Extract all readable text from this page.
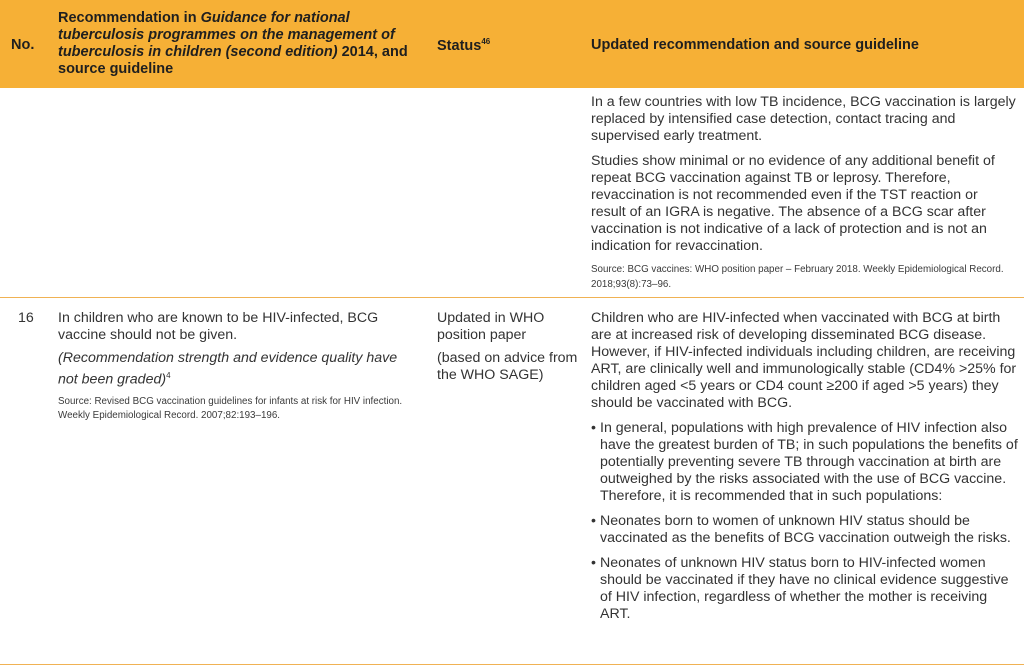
No.
Recommendation in Guidance for national tuberculosis programmes on the management of tuberculosis in children (second edition) 2014, and source guideline
Status$^{46}$	Updated recommendation and source guideline

In a few countries with low TB incidence, BCG vaccination is largely replaced by intensified case detection, contact tracing and supervised early treatment.

Studies show minimal or no evidence of any additional benefit of repeat BCG vaccination against TB or leprosy. Therefore, revaccination is not recommended even if the TST reaction or result of an IGRA is negative. The absence of a BCG scar after vaccination is not indicative of a lack of protection and is not an indication for revaccination.

Source: BCG vaccines: WHO position paper – February 2018. Weekly Epidemiological Record. 2018;93(8):73–96.

16 In children who are known to be HIV-infected, BCG vaccine should not be given.

(Recommendation strength and evidence quality have not been graded)$^4$

Source: Revised BCG vaccination guidelines for infants at risk for HIV infection. Weekly Epidemiological Record. 2007;82:193–196.

Updated in WHO position paper

(based on advice from the WHO SAGE)

Children who are HIV-infected when vaccinated with BCG at birth are at increased risk of developing disseminated BCG disease. However, if HIV-infected individuals including children, are receiving ART, are clinically well and immunologically stable (CD4% >25% for children aged <5 years or CD4 count ≥200 if aged >5 years) they should be vaccinated with BCG.

• In general, populations with high prevalence of HIV infection also have the greatest burden of TB; in such populations the benefits of potentially preventing severe TB through vaccination at birth are outweighed by the risks associated with the use of BCG vaccine. Therefore, it is recommended that in such populations:
• Neonates born to women of unknown HIV status should be vaccinated as the benefits of BCG vaccination outweigh the risks.
• Neonates of unknown HIV status born to HIV-infected women should be vaccinated if they have no clinical evidence suggestive of HIV infection, regardless of whether the mother is receiving ART.
